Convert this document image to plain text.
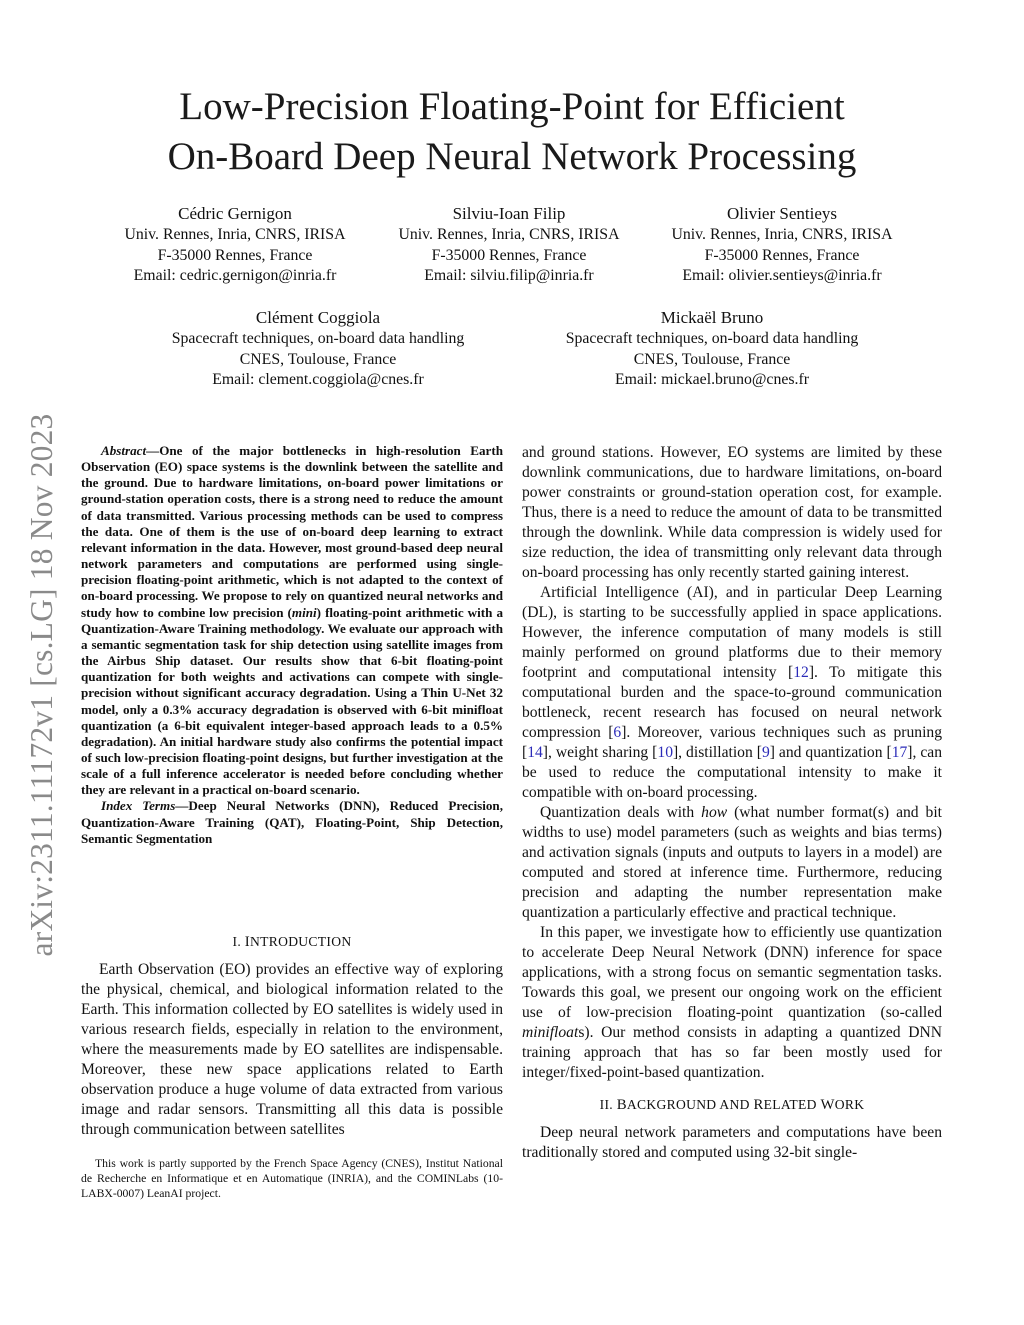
arXiv:2311.11172v1 [cs.LG] 18 Nov 2023
Low-Precision Floating-Point for Efficient
On-Board Deep Neural Network Processing
Cédric Gernigon
Univ. Rennes, Inria, CNRS, IRISA
F-35000 Rennes, France
Email: cedric.gernigon@inria.fr
Silviu-Ioan Filip
Univ. Rennes, Inria, CNRS, IRISA
F-35000 Rennes, France
Email: silviu.filip@inria.fr
Olivier Sentieys
Univ. Rennes, Inria, CNRS, IRISA
F-35000 Rennes, France
Email: olivier.sentieys@inria.fr
Clément Coggiola
Spacecraft techniques, on-board data handling
CNES, Toulouse, France
Email: clement.coggiola@cnes.fr
Mickaël Bruno
Spacecraft techniques, on-board data handling
CNES, Toulouse, France
Email: mickael.bruno@cnes.fr

Abstract—One of the major bottlenecks in high-resolution Earth Observation (EO) space systems is the downlink between the satellite and the ground. Due to hardware limitations, on-board power limitations or ground-station operation costs, there is a strong need to reduce the amount of data transmitted. Various processing methods can be used to compress the data. One of them is the use of on-board deep learning to extract relevant information in the data. However, most ground-based deep neural network parameters and computations are performed using single-precision floating-point arithmetic, which is not adapted to the context of on-board processing. We propose to rely on quantized neural networks and study how to combine low precision (mini) floating-point arithmetic with a Quantization-Aware Training methodology. We evaluate our approach with a semantic segmentation task for ship detection using satellite images from the Airbus Ship dataset. Our results show that 6-bit floating-point quantization for both weights and activations can compete with single-precision without significant accuracy degradation. Using a Thin U-Net 32 model, only a 0.3% accuracy degradation is observed with 6-bit minifloat quantization (a 6-bit equivalent integer-based approach leads to a 0.5% degradation). An initial hardware study also confirms the potential impact of such low-precision floating-point designs, but further investigation at the scale of a full inference accelerator is needed before concluding whether they are relevant in a practical on-board scenario.

Index Terms—Deep Neural Networks (DNN), Reduced Precision, Quantization-Aware Training (QAT), Floating-Point, Ship Detection, Semantic Segmentation

I. INTRODUCTION

Earth Observation (EO) provides an effective way of exploring the physical, chemical, and biological information related to the Earth. This information collected by EO satellites is widely used in various research fields, especially in relation to the environment, where the measurements made by EO satellites are indispensable. Moreover, these new space applications related to Earth observation produce a huge volume of data extracted from various image and radar sensors. Transmitting all this data is possible through communication between satellites

This work is partly supported by the French Space Agency (CNES), Institut National de Recherche en Informatique et en Automatique (INRIA), and the COMINLabs (10-LABX-0007) LeanAI project.

and ground stations. However, EO systems are limited by these downlink communications, due to hardware limitations, on-board power constraints or ground-station operation cost, for example. Thus, there is a need to reduce the amount of data to be transmitted through the downlink. While data compression is widely used for size reduction, the idea of transmitting only relevant data through on-board processing has only recently started gaining interest.

Artificial Intelligence (AI), and in particular Deep Learning (DL), is starting to be successfully applied in space applications. However, the inference computation of many models is still mainly performed on ground platforms due to their memory footprint and computational intensity [12]. To mitigate this computational burden and the space-to-ground communication bottleneck, recent research has focused on neural network compression [6]. Moreover, various techniques such as pruning [14], weight sharing [10], distillation [9] and quantization [17], can be used to reduce the computational intensity to make it compatible with on-board processing.

Quantization deals with how (what number format(s) and bit widths to use) model parameters (such as weights and bias terms) and activation signals (inputs and outputs to layers in a model) are computed and stored at inference time. Furthermore, reducing precision and adapting the number representation make quantization a particularly effective and practical technique.

In this paper, we investigate how to efficiently use quantization to accelerate Deep Neural Network (DNN) inference for space applications, with a strong focus on semantic segmentation tasks. Towards this goal, we present our ongoing work on the efficient use of low-precision floating-point quantization (so-called minifloats). Our method consists in adapting a quantized DNN training approach that has so far been mostly used for integer/fixed-point-based quantization.

II. BACKGROUND AND RELATED WORK

Deep neural network parameters and computations have been traditionally stored and computed using 32-bit single-
